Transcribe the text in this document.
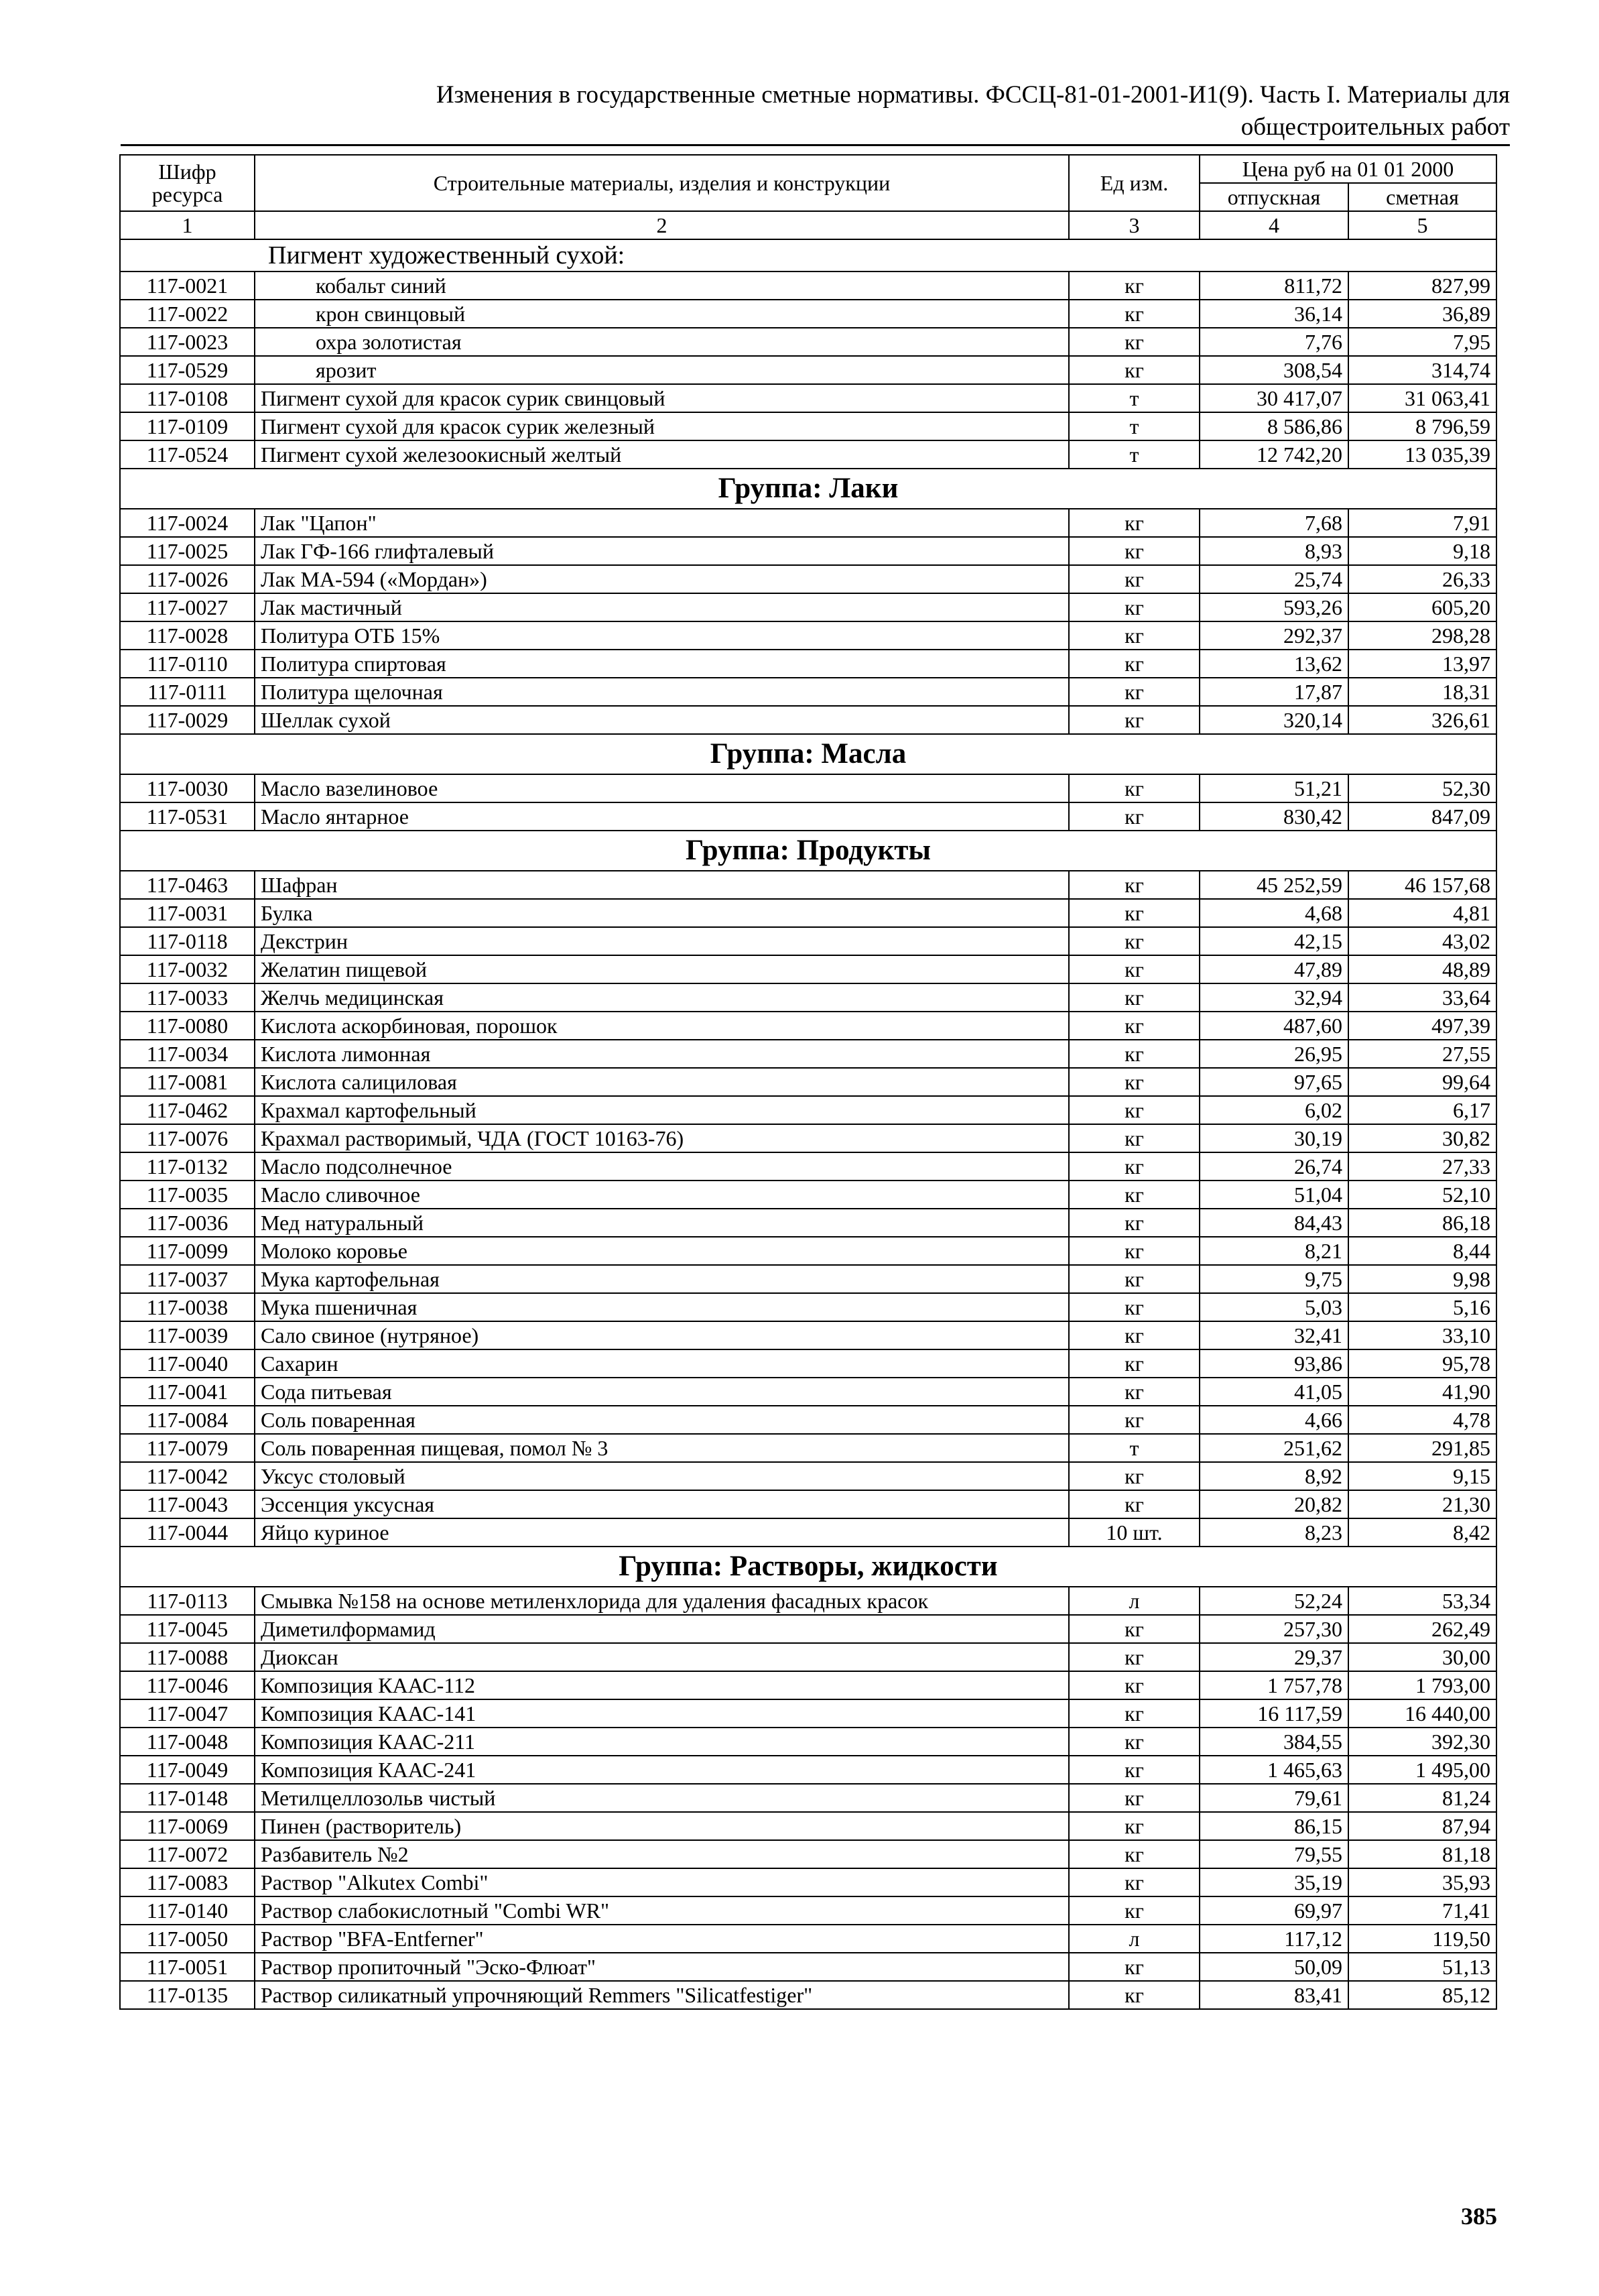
Изменения в государственные сметные нормативы. ФССЦ-81-01-2001-И1(9). Часть I. Материалы для
общестроительных работ
Шифр ресурса	Строительные материалы, изделия и конструкции	Ед изм.	Цена руб на 01 01 2000	
			отпускная	сметная
1	2	3	4	5
Пигмент художественный сухой:				
117-0021	кобальт синий	кг	811,72	827,99
117-0022	крон свинцовый	кг	36,14	36,89
117-0023	охра золотистая	кг	7,76	7,95
117-0529	ярозит	кг	308,54	314,74
117-0108	Пигмент сухой для красок сурик свинцовый	т	30 417,07	31 063,41
117-0109	Пигмент сухой для красок сурик железный	т	8 586,86	8 796,59
117-0524	Пигмент сухой железоокисный желтый	т	12 742,20	13 035,39
Группа: Лаки				
117-0024	Лак "Цапон"	кг	7,68	7,91
117-0025	Лак ГФ-166 глифталевый	кг	8,93	9,18
117-0026	Лак МА-594 («Мордан»)	кг	25,74	26,33
117-0027	Лак мастичный	кг	593,26	605,20
117-0028	Политура ОТБ 15%	кг	292,37	298,28
117-0110	Политура спиртовая	кг	13,62	13,97
117-0111	Политура щелочная	кг	17,87	18,31
117-0029	Шеллак сухой	кг	320,14	326,61
Группа: Масла				
117-0030	Масло вазелиновое	кг	51,21	52,30
117-0531	Масло янтарное	кг	830,42	847,09
Группа: Продукты				
117-0463	Шафран	кг	45 252,59	46 157,68
117-0031	Булка	кг	4,68	4,81
117-0118	Декстрин	кг	42,15	43,02
117-0032	Желатин пищевой	кг	47,89	48,89
117-0033	Желчь медицинская	кг	32,94	33,64
117-0080	Кислота аскорбиновая, порошок	кг	487,60	497,39
117-0034	Кислота лимонная	кг	26,95	27,55
117-0081	Кислота салициловая	кг	97,65	99,64
117-0462	Крахмал картофельный	кг	6,02	6,17
117-0076	Крахмал растворимый, ЧДА (ГОСТ 10163-76)	кг	30,19	30,82
117-0132	Масло подсолнечное	кг	26,74	27,33
117-0035	Масло сливочное	кг	51,04	52,10
117-0036	Мед натуральный	кг	84,43	86,18
117-0099	Молоко коровье	кг	8,21	8,44
117-0037	Мука картофельная	кг	9,75	9,98
117-0038	Мука пшеничная	кг	5,03	5,16
117-0039	Сало свиное (нутряное)	кг	32,41	33,10
117-0040	Сахарин	кг	93,86	95,78
117-0041	Сода питьевая	кг	41,05	41,90
117-0084	Соль поваренная	кг	4,66	4,78
117-0079	Соль поваренная пищевая, помол № 3	т	251,62	291,85
117-0042	Уксус столовый	кг	8,92	9,15
117-0043	Эссенция уксусная	кг	20,82	21,30
117-0044	Яйцо куриное	10 шт.	8,23	8,42
Группа: Растворы, жидкости				
117-0113	Смывка №158 на основе метиленхлорида для удаления фасадных красок	л	52,24	53,34
117-0045	Диметилформамид	кг	257,30	262,49
117-0088	Диоксан	кг	29,37	30,00
117-0046	Композиция КААС-112	кг	1 757,78	1 793,00
117-0047	Композиция КААС-141	кг	16 117,59	16 440,00
117-0048	Композиция КААС-211	кг	384,55	392,30
117-0049	Композиция КААС-241	кг	1 465,63	1 495,00
117-0148	Метилцеллозольв чистый	кг	79,61	81,24
117-0069	Пинен (растворитель)	кг	86,15	87,94
117-0072	Разбавитель №2	кг	79,55	81,18
117-0083	Раствор "Alkutex Combi"	кг	35,19	35,93
117-0140	Раствор слабокислотный "Combi WR"	кг	69,97	71,41
117-0050	Раствор "BFA-Entferner"	л	117,12	119,50
117-0051	Раствор пропиточный "Эско-Флюат"	кг	50,09	51,13
117-0135	Раствор силикатный упрочняющий Remmers "Silicatfestiger"	кг	83,41	85,12
385
